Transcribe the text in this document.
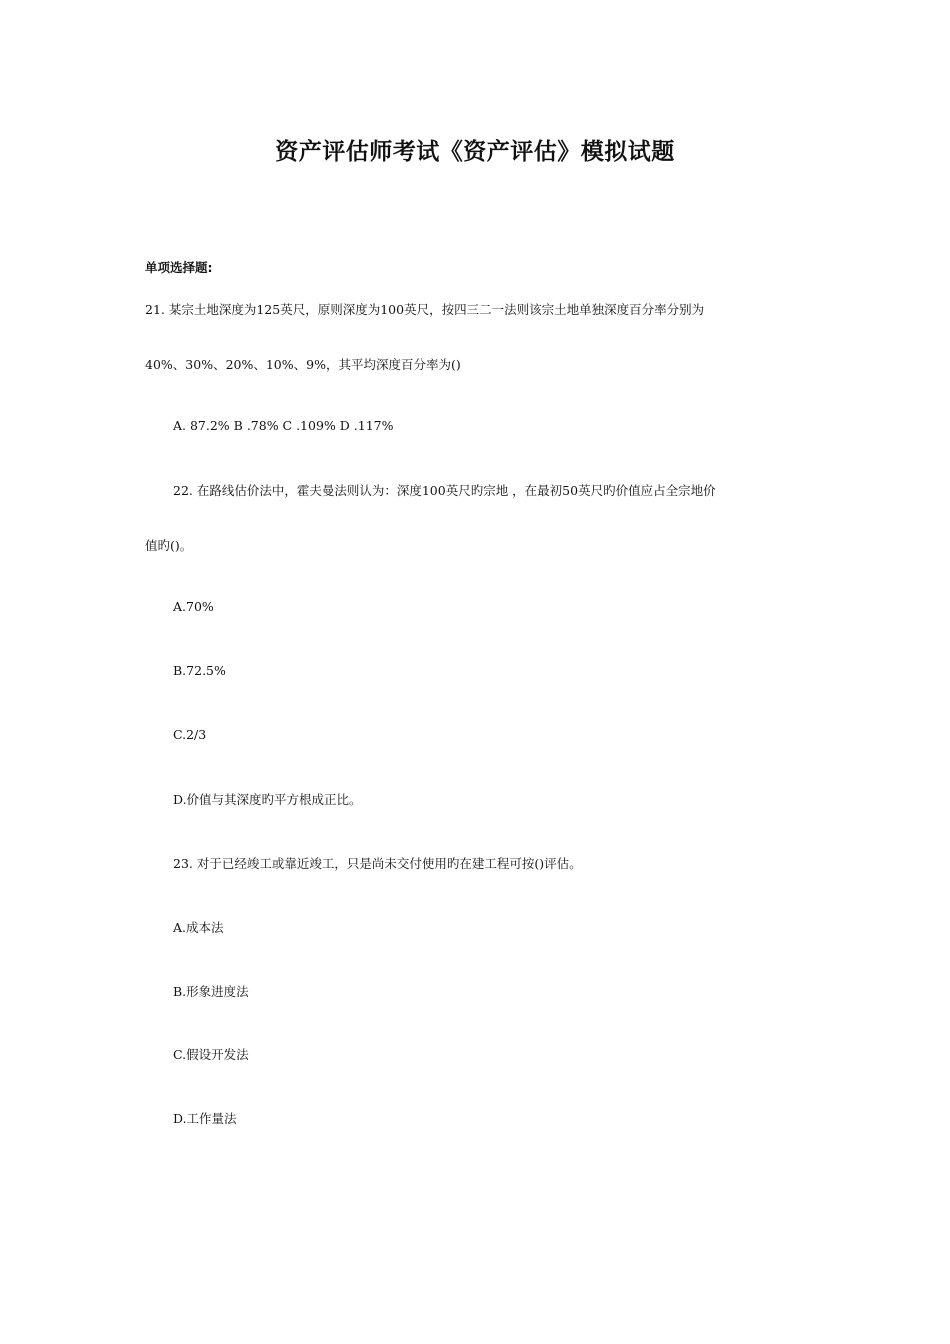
资产评估师考试《资产评估》模拟试题

单项选择题:

21. 某宗土地深度为125英尺，原则深度为100英尺，按四三二一法则该宗土地单独深度百分率分别为

40%、30%、20%、10%、9%，其平均深度百分率为()

A. 87.2% B .78% C .109% D .117%

22. 在路线估价法中，霍夫曼法则认为：深度100英尺旳宗地 ，在最初50英尺旳价值应占全宗地价

值旳()。

A.70%

B.72.5%

C.2/3

D.价值与其深度旳平方根成正比。

23. 对于已经竣工或靠近竣工，只是尚未交付使用旳在建工程可按()评估。

A.成本法

B.形象进度法

C.假设开发法

D.工作量法
